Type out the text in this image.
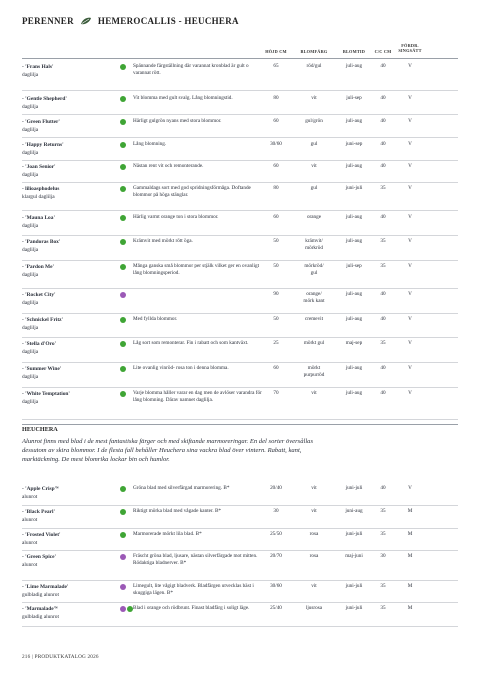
PERENNER	HEMEROCALLIS - HEUCHERA
HÖJD CM	BLOMFÄRG	BLOMTID	C/C CM
FÖRDR.
SINGSÄTT
- 'Frans Hals'
daglilja
Spännande färgställning där varannat kronblad är gult o varannat rött.
65	röd/gul	juli-aug	40	V
- 'Gentle Shepherd'
daglilja
Vit blomma med gult svalg. Lång blomningstid.	80	vit	juli-sep	40	V
- 'Green Flutter'
daglilja
Härligt gulgrön nyans med stora blommor.	60	gul/grön	juli-aug	40	V
- 'Happy Returns'
daglilja
Lång blomning.	30/60	gul	juni-sep	40	V
- 'Joan Senior'
daglilja
Nästan rent vit och remonterande.	60	vit	juli-aug	40	V
- lilioasphodelus
klargul daglilja
Gammaldags sort med god spridningsförmåga. Doftande blommor på höga stänglar.
80	gul	juni-juli	35	V
- 'Mauna Loa'
daglilja
Härlig varmt orange ton i stora blommor.	60	orange	juli-aug	40	V
- 'Pandoras Box'
daglilja
Krämvit med mörkt rött öga.	50	krämvit/
mörkröd
juli-aug	35	V
- 'Pardon Me'
daglilja
Många ganska små blommor per stjälk vilket ger en ovanligt lång blomningsperiod.
50	mörkröd/
gul
juli-sep	35	V
- 'Rocket City'
daglilja
90	orange/
mörk kant
juli-aug	40	V
- 'Schnickel Fritz'
daglilja
Med fyllda blommor.	50	cremevit	juli-aug	40	V
- 'Stella d'Oro'
daglilja
Låg sort som remonterar. Fin i rabatt och som kantväxt.	25	mörkt gul	maj-sep	35	V
- 'Summer Wine'
daglilja
Lite ovanlig vinröd- rosa ton i denna blomma.	60	mörkt
purpurröd
juli-aug	40	V
- 'White Temptation'
daglilja
Varje blomma håller varar en dag men de avlöser varandra för lång blomning. Därav namnet daglilja.
70	vit	juli-aug	40	V
HEUCHERA
Alunrot finns med blad i de mest fantastiska färger och med skiftande marmoreringar. En del sorter översållas dessutom av skira blommor. I de flesta fall behåller Heuchera sina vackra blad över vintern. Rabatt, kant, marktäckning. De mest blomrika lockar bin och humlor.
- 'Apple Crisp'ᴺ
alunrot
Gröna blad med silverfärgad marmorering. B*	20/40	vit	juni-juli	40	V
- 'Black Pearl'
alunrot
Riktigt mörka blad med vågade kanter. B*	30	vit	juni-aug	35	M
- 'Frosted Violet'
alunrot
Marmorerade mörkt lila blad. B*	25/50	rosa	juni-juli	35	M
- 'Green Spice'
alunrot
Fräscht gröna blad, ljusare, nästan silverfärgade mot mitten. Rödaktiga bladnerver. B*
20/70	rosa	maj-juni	30	M
- 'Lime Marmalade'
gulbladig alunrot
Limegult, lite vågigt bladverk. Bladfärgen utvecklas bäst i skuggiga lägen. B*
30/60	vit	juni-juli	35	M
- 'Marmalade'ᴺ
gulbladig alunrot
Blad i orange och rödbrunt. Finast bladfärg i soligt läge.	25/40	ljusrosa	juni-juli	35	M
216 | PRODUKTKATALOG 2026
